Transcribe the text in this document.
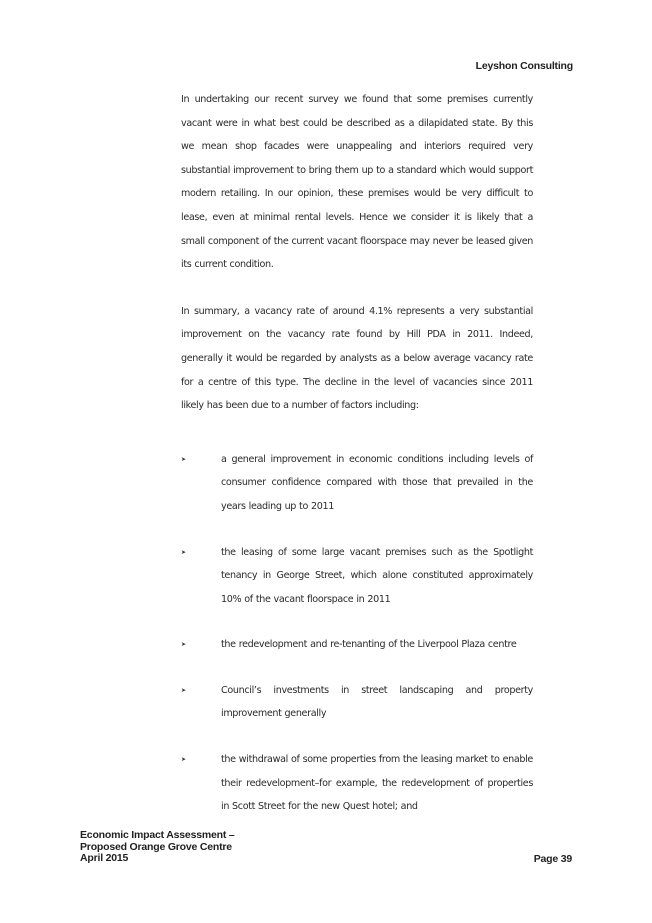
Leyshon Consulting

In undertaking our recent survey we found that some premises currently vacant were in what best could be described as a dilapidated state. By this we mean shop facades were unappealing and interiors required very substantial improvement to bring them up to a standard which would support modern retailing. In our opinion, these premises would be very difficult to lease, even at minimal rental levels. Hence we consider it is likely that a small component of the current vacant floorspace may never be leased given its current condition.

In summary, a vacancy rate of around 4.1% represents a very substantial improvement on the vacancy rate found by Hill PDA in 2011. Indeed, generally it would be regarded by analysts as a below average vacancy rate for a centre of this type. The decline in the level of vacancies since 2011 likely has been due to a number of factors including:

➤	a general improvement in economic conditions including levels of consumer confidence compared with those that prevailed in the years leading up to 2011
➤	the leasing of some large vacant premises such as the Spotlight tenancy in George Street, which alone constituted approximately 10% of the vacant floorspace in 2011
➤	the redevelopment and re-tenanting of the Liverpool Plaza centre
➤	Council’s investments in street landscaping and property improvement generally
➤	the withdrawal of some properties from the leasing market to enable their redevelopment–for example, the redevelopment of properties in Scott Street for the new Quest hotel; and
Economic Impact Assessment –
Proposed Orange Grove Centre
April 2015	Page 39
